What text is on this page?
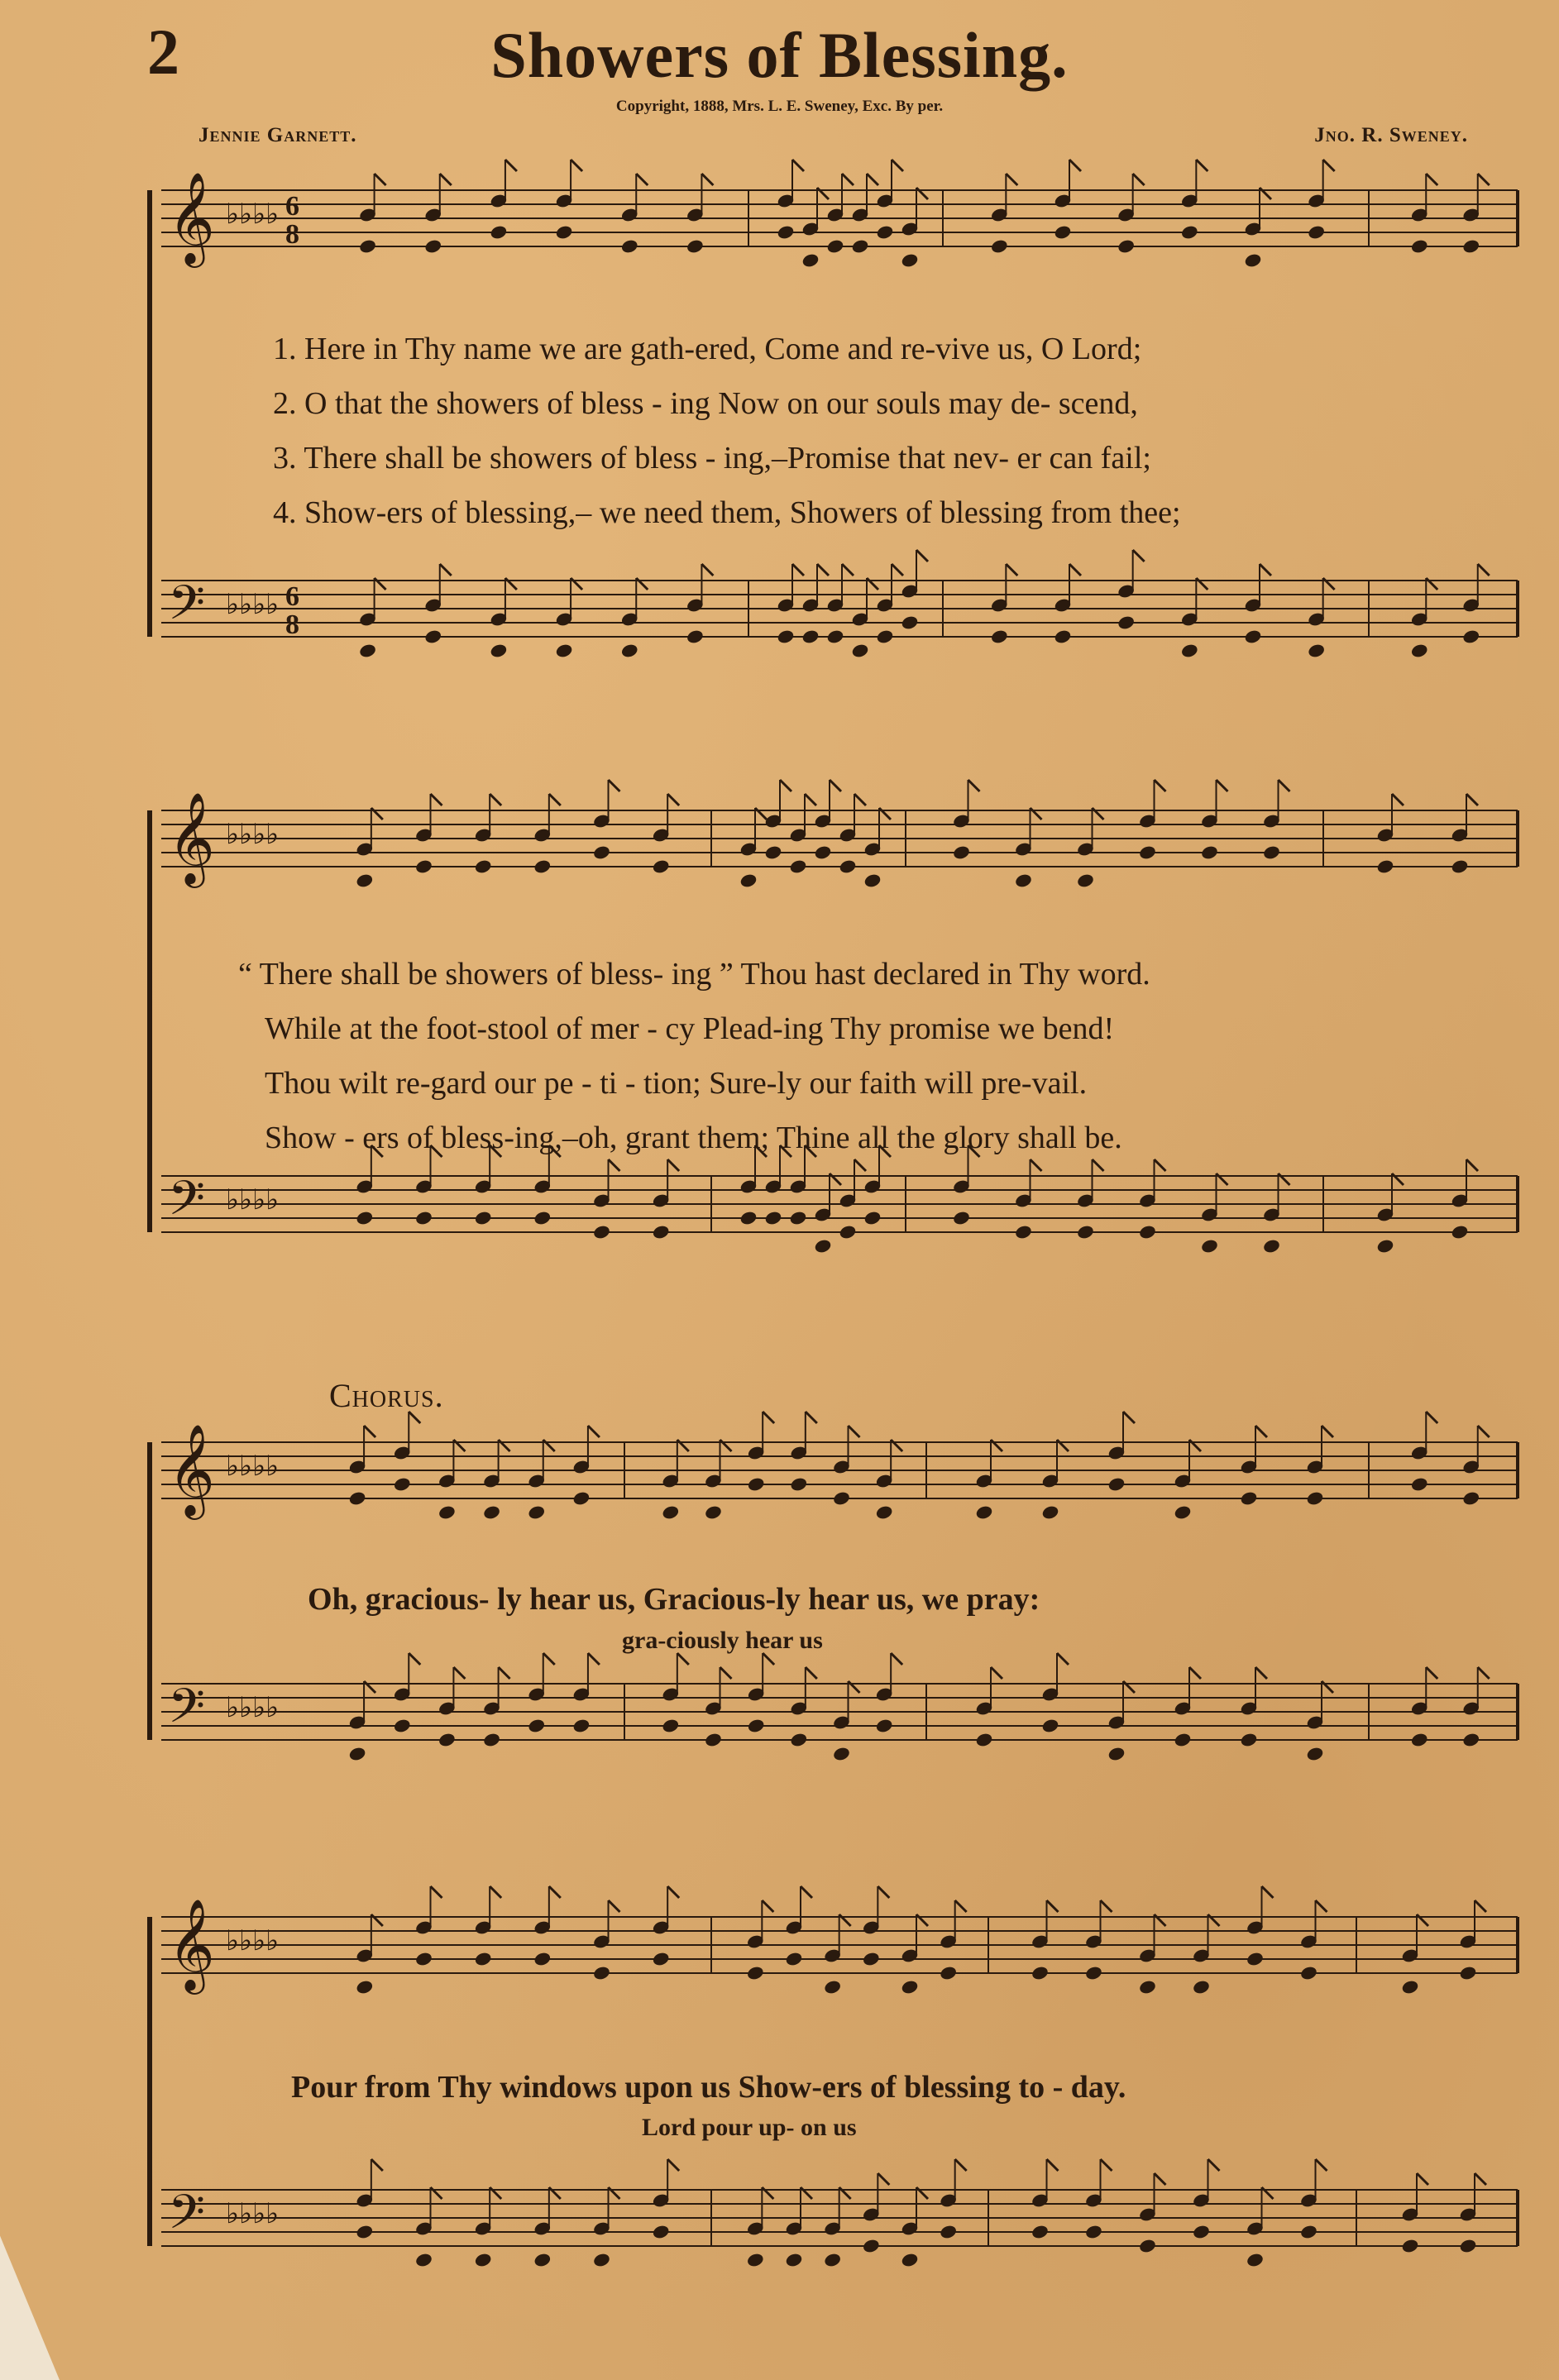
𝄞 ♭♭♭♭ 6
8
𝄢 ♭♭♭♭ 6
8
𝄞 ♭♭♭♭
𝄢 ♭♭♭♭
𝄞 ♭♭♭♭
𝄢 ♭♭♭♭
𝄞 ♭♭♭♭
𝄢 ♭♭♭♭
2	Showers of Blessing.
Copyright, 1888, Mrs. L. E. Sweney, Exc. By per.
Jennie Garnett.	Jno. R. Sweney.
1. Here in Thy name we are gath-ered, Come and re-vive us, O Lord;
2. O that the showers of bless - ing Now on our souls may de- scend,
3. There shall be showers of bless - ing,–Promise that nev- er can fail;
4. Show-ers of blessing,– we need them, Showers of blessing from thee;
“ There shall be showers of bless- ing ” Thou hast declared in Thy word.
While at the foot-stool of mer - cy Plead-ing Thy promise we bend!
Thou wilt re-gard our pe - ti - tion; Sure-ly our faith will pre-vail.
Show - ers of bless-ing,–oh, grant them; Thine all the glory shall be.
Chorus.
Oh, gracious- ly hear us, Gracious-ly hear us, we pray:
gra-ciously hear us
Pour from Thy windows upon us Show-ers of blessing to - day.
Lord pour up- on us
